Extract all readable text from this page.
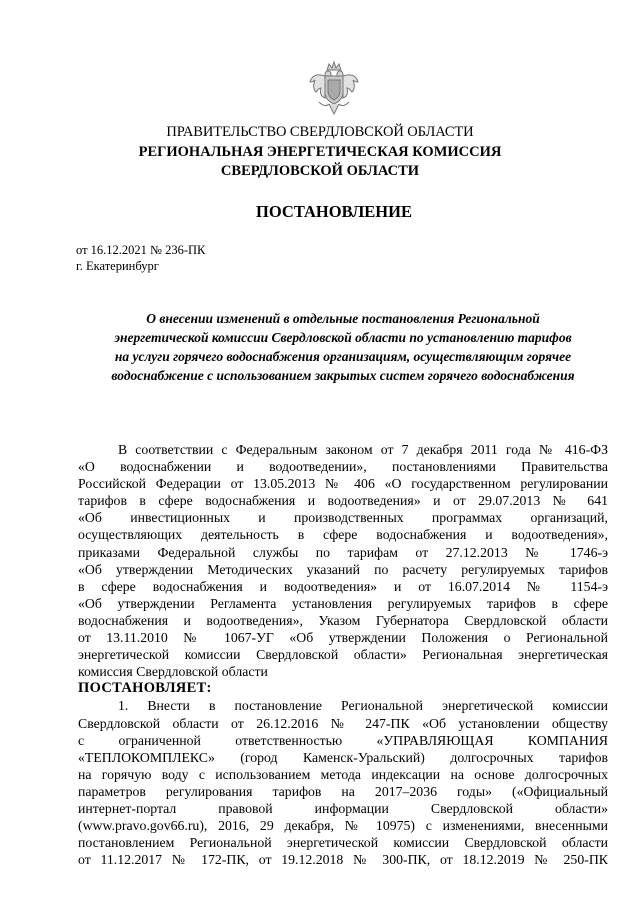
ПРАВИТЕЛЬСТВО СВЕРДЛОВСКОЙ ОБЛАСТИ
РЕГИОНАЛЬНАЯ ЭНЕРГЕТИЧЕСКАЯ КОМИССИЯ
СВЕРДЛОВСКОЙ ОБЛАСТИ
ПОСТАНОВЛЕНИЕ
от 16.12.2021 № 236-ПК
г. Екатеринбург
О внесении изменений в отдельные постановления Региональной
энергетической комиссии Свердловской области по установлению тарифов
на услуги горячего водоснабжения организациям, осуществляющим горячее
водоснабжение с использованием закрытых систем горячего водоснабжения
В соответствии с Федеральным законом от 7 декабря 2011 года № 416-ФЗ
«О водоснабжении и водоотведении», постановлениями Правительства
Российской Федерации от 13.05.2013 № 406 «О государственном регулировании
тарифов в сфере водоснабжения и водоотведения» и от 29.07.2013 № 641
«Об инвестиционных и производственных программах организаций,
осуществляющих деятельность в сфере водоснабжения и водоотведения»,
приказами Федеральной службы по тарифам от 27.12.2013 № 1746-э
«Об утверждении Методических указаний по расчету регулируемых тарифов
в сфере водоснабжения и водоотведения» и от 16.07.2014 № 1154-э
«Об утверждении Регламента установления регулируемых тарифов в сфере
водоснабжения и водоотведения», Указом Губернатора Свердловской области
от 13.11.2010 № 1067-УГ «Об утверждении Положения о Региональной
энергетической комиссии Свердловской области» Региональная энергетическая
комиссия Свердловской области
ПОСТАНОВЛЯЕТ:
1. Внести в постановление Региональной энергетической комиссии
Свердловской области от 26.12.2016 № 247-ПК «Об установлении обществу
с ограниченной ответственностью «УПРАВЛЯЮЩАЯ КОМПАНИЯ
«ТЕПЛОКОМПЛЕКС» (город Каменск-Уральский) долгосрочных тарифов
на горячую воду с использованием метода индексации на основе долгосрочных
параметров регулирования тарифов на 2017–2036 годы» («Официальный
интернет-портал правовой информации Свердловской области»
(www.pravo.gov66.ru), 2016, 29 декабря, № 10975) с изменениями, внесенными
постановлением Региональной энергетической комиссии Свердловской области
от 11.12.2017 № 172-ПК, от 19.12.2018 № 300-ПК, от 18.12.2019 № 250-ПК
